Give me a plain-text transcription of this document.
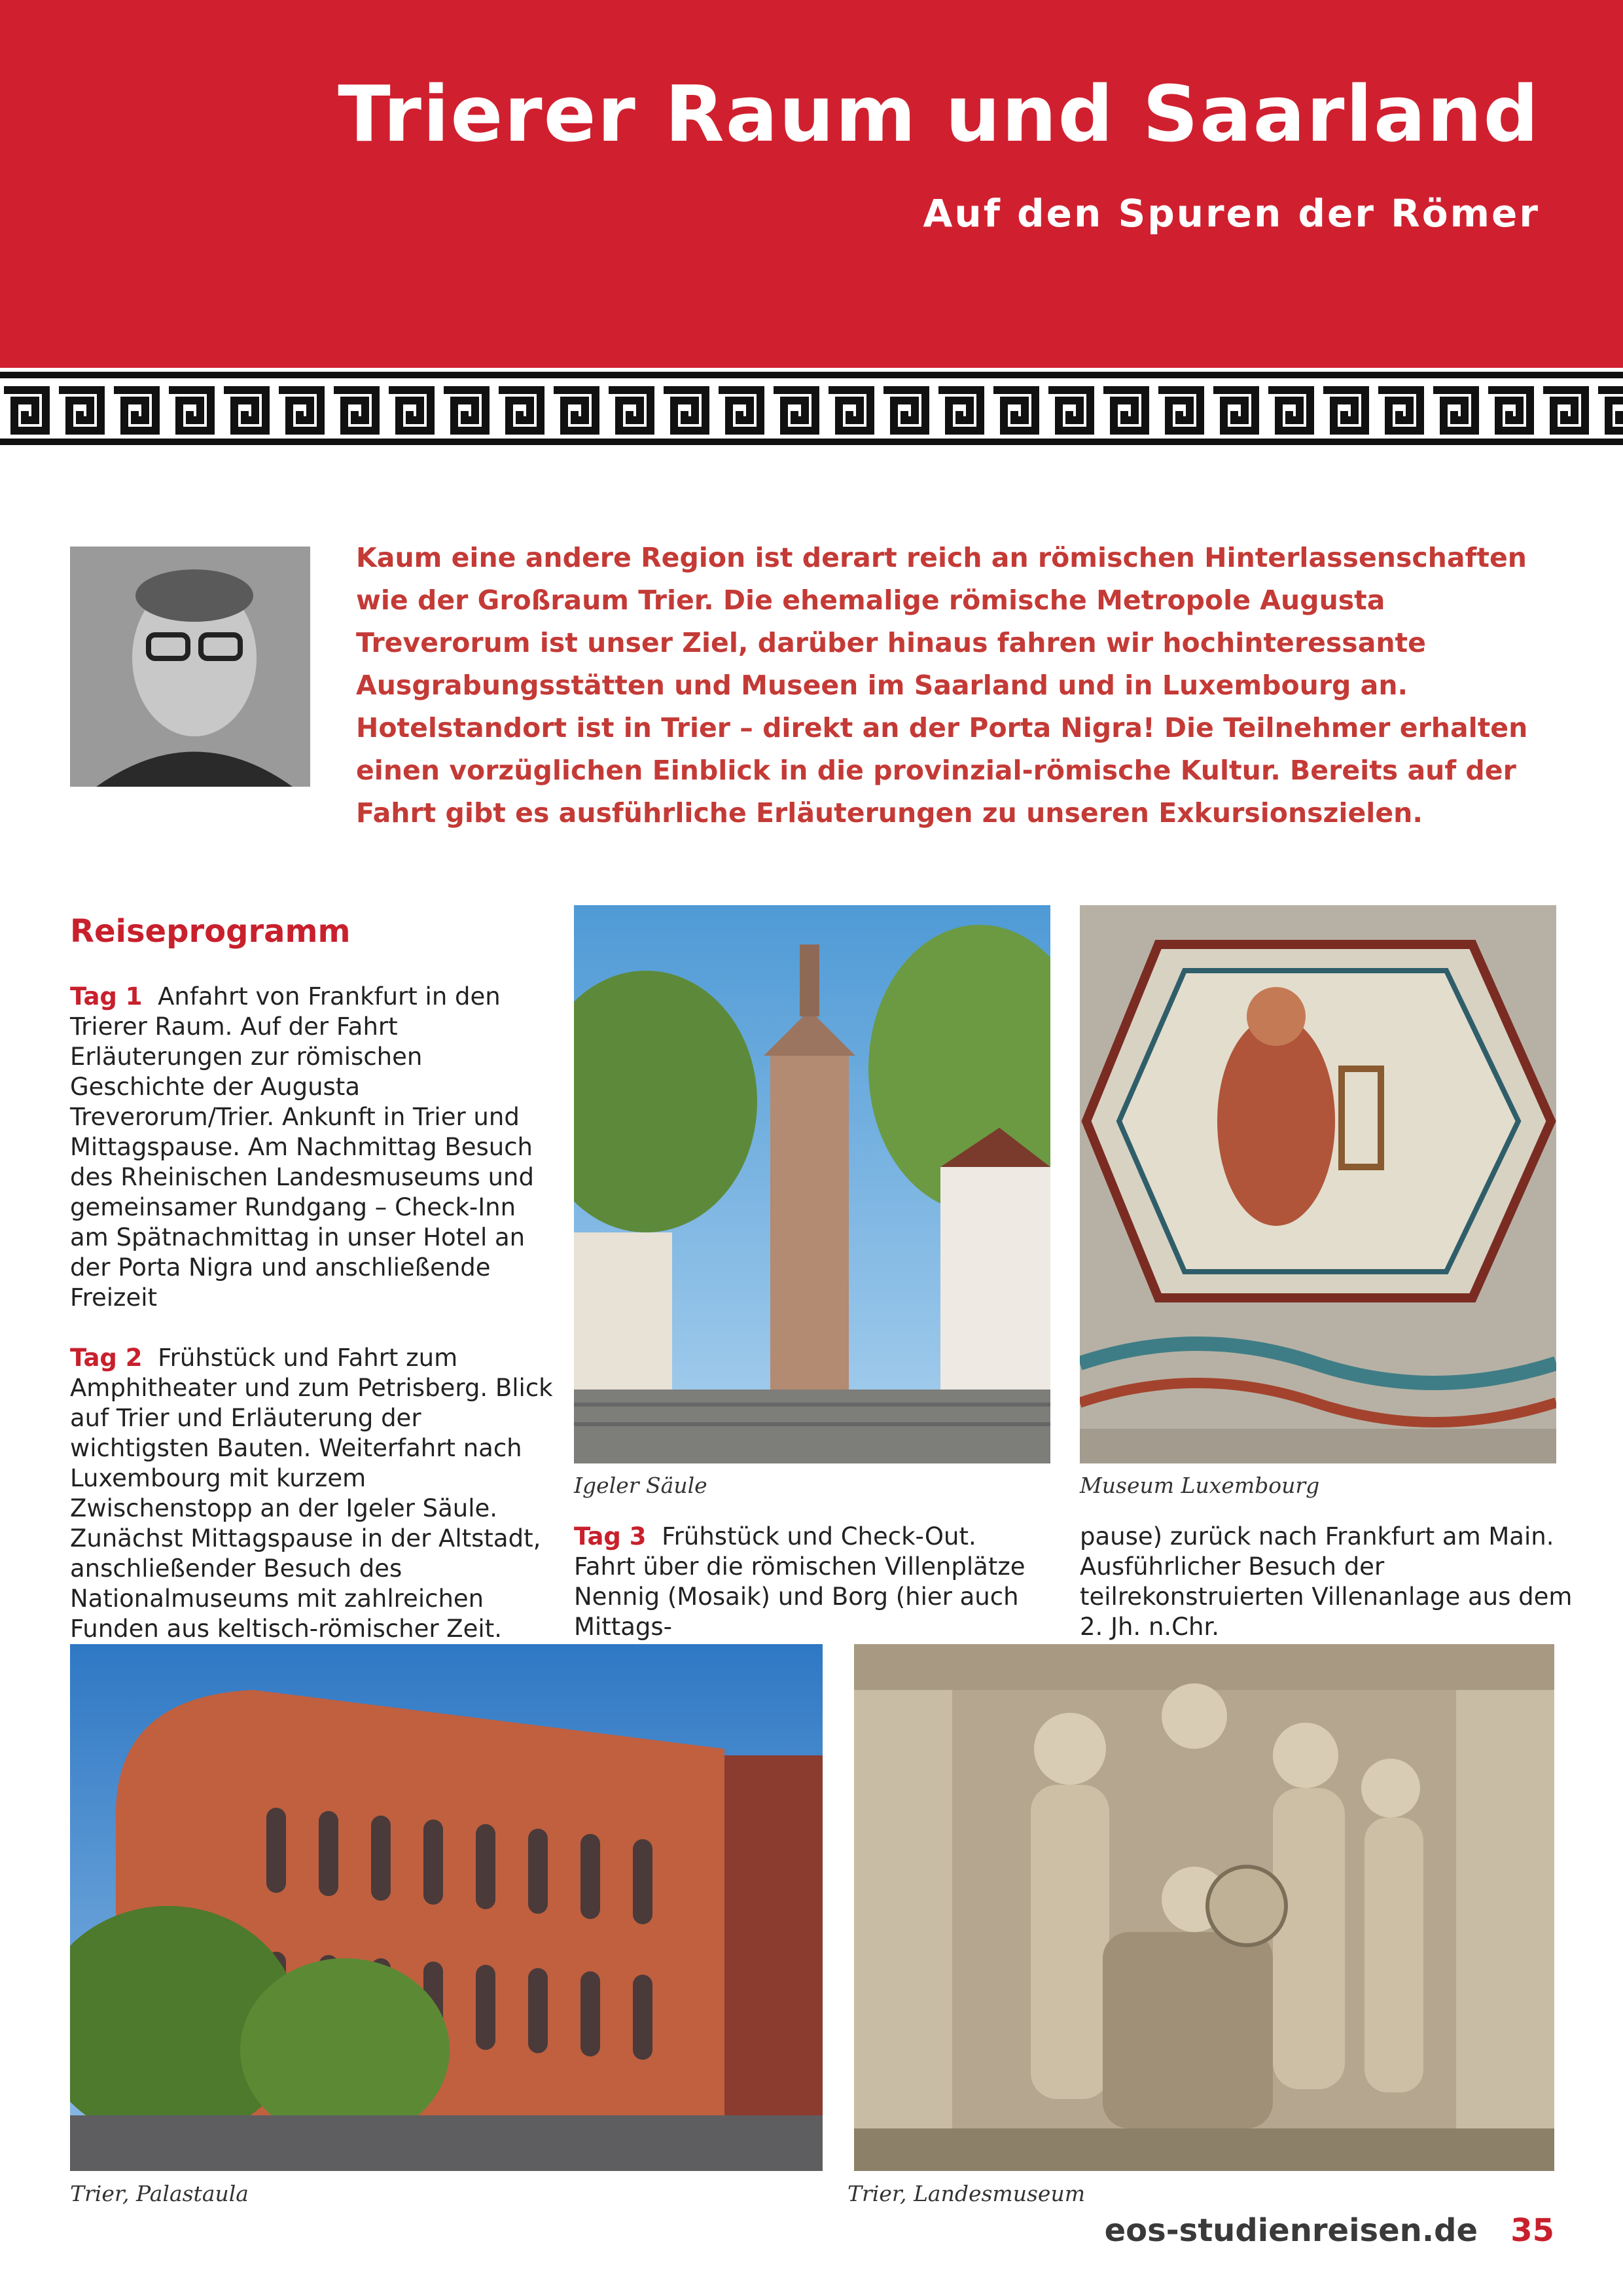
Trierer Raum und Saarland
Auf den Spuren der Römer
Kaum eine andere Region ist derart reich an römischen Hinterlassenschaften wie der Großraum Trier. Die ehemalige römische Metropole Augusta Treverorum ist unser Ziel, darüber hinaus fahren wir hochinteressante Ausgrabungsstätten und Museen im Saarland und in Luxembourg an. Hotelstandort ist in Trier – direkt an der Porta Nigra! Die Teilnehmer erhalten einen vorzüglichen Einblick in die provinzial-römische Kultur. Bereits auf der Fahrt gibt es ausführliche Erläuterungen zu unseren Exkursionszielen.
Reiseprogramm

Tag 1 Anfahrt von Frankfurt in den Trierer Raum. Auf der Fahrt Erläuterungen zur römischen Geschichte der Augusta Treverorum/Trier. Ankunft in Trier und Mittagspause. Am Nachmittag Besuch des Rheinischen Landesmuseums und gemeinsamer Rundgang – Check-Inn am Spätnachmittag in unser Hotel an der Porta Nigra und anschließende Freizeit

Tag 2 Frühstück und Fahrt zum Amphitheater und zum Petrisberg. Blick auf Trier und Erläuterung der wichtigsten Bauten. Weiterfahrt nach Luxembourg mit kurzem Zwischenstopp an der Igeler Säule. Zunächst Mittagspause in der Altstadt, anschließender Besuch des Nationalmuseums mit zahlreichen Funden aus keltisch-römischer Zeit.

Igeler Säule	Museum Luxembourg

Tag 3 Frühstück und Check-Out. Fahrt über die römischen Villenplätze Nennig (Mosaik) und Borg (hier auch Mittags-

pause) zurück nach Frankfurt am Main. Ausführlicher Besuch der teilrekonstruierten Villenanlage aus dem 2. Jh. n.Chr.

Trier, Palastaula	Trier, Landesmuseum
eos-studienreisen.de 35
